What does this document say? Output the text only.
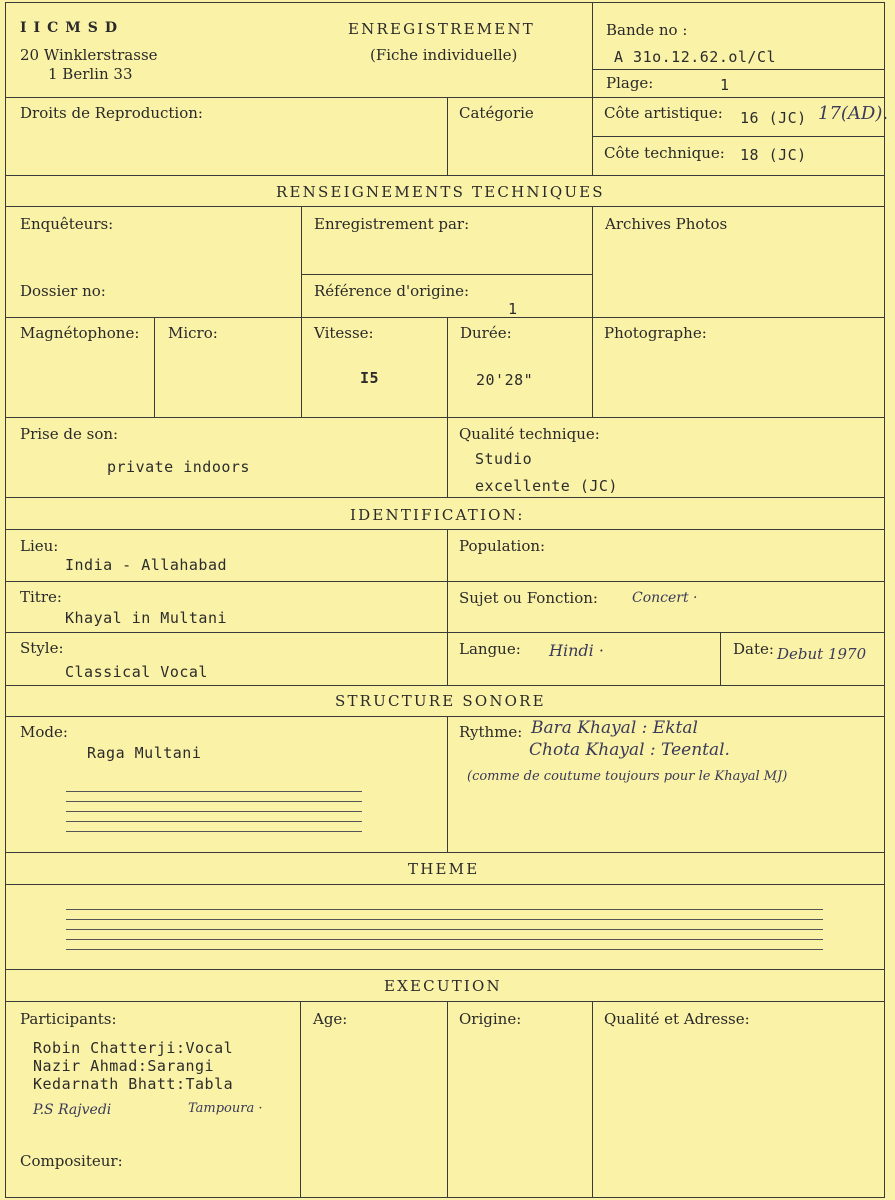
IICMSD
20 Winklerstrasse
1 Berlin 33
ENREGISTREMENT
(Fiche individuelle)
Bande no :
A 31o.12.62.ol/Cl
Plage:	1
Droits de Reproduction:	Catégorie	Côte artistique: 16 (JC) 17(AD).
Côte technique: 18 (JC)
RENSEIGNEMENTS TECHNIQUES
Enquêteurs:	Enregistrement par:	Archives Photos
Dossier no:	Référence d'origine:
1
Magnétophone: Micro:	Vitesse:
I5
Durée:
20'28"
Photographe:
Prise de son:
private indoors
Qualité technique:
Studio
excellente (JC)
IDENTIFICATION:
Lieu:
India - Allahabad
Population:
Titre:
Khayal in Multani
Sujet ou Fonction: Concert ·
Style:
Classical Vocal
Langue: Hindi ·	Date: Debut 1970
STRUCTURE SONORE
Mode:
Raga Multani
Rythme: Bara Khayal : Ektal
Chota Khayal : Teental.
(comme de coutume toujours pour le Khayal MJ)
THEME
EXECUTION
Participants:	Age:	Origine:	Qualité et Adresse:
Robin Chatterji:Vocal
Nazir Ahmad:Sarangi
Kedarnath Bhatt:Tabla
P.S Rajvedi	Tampoura ·
Compositeur:
